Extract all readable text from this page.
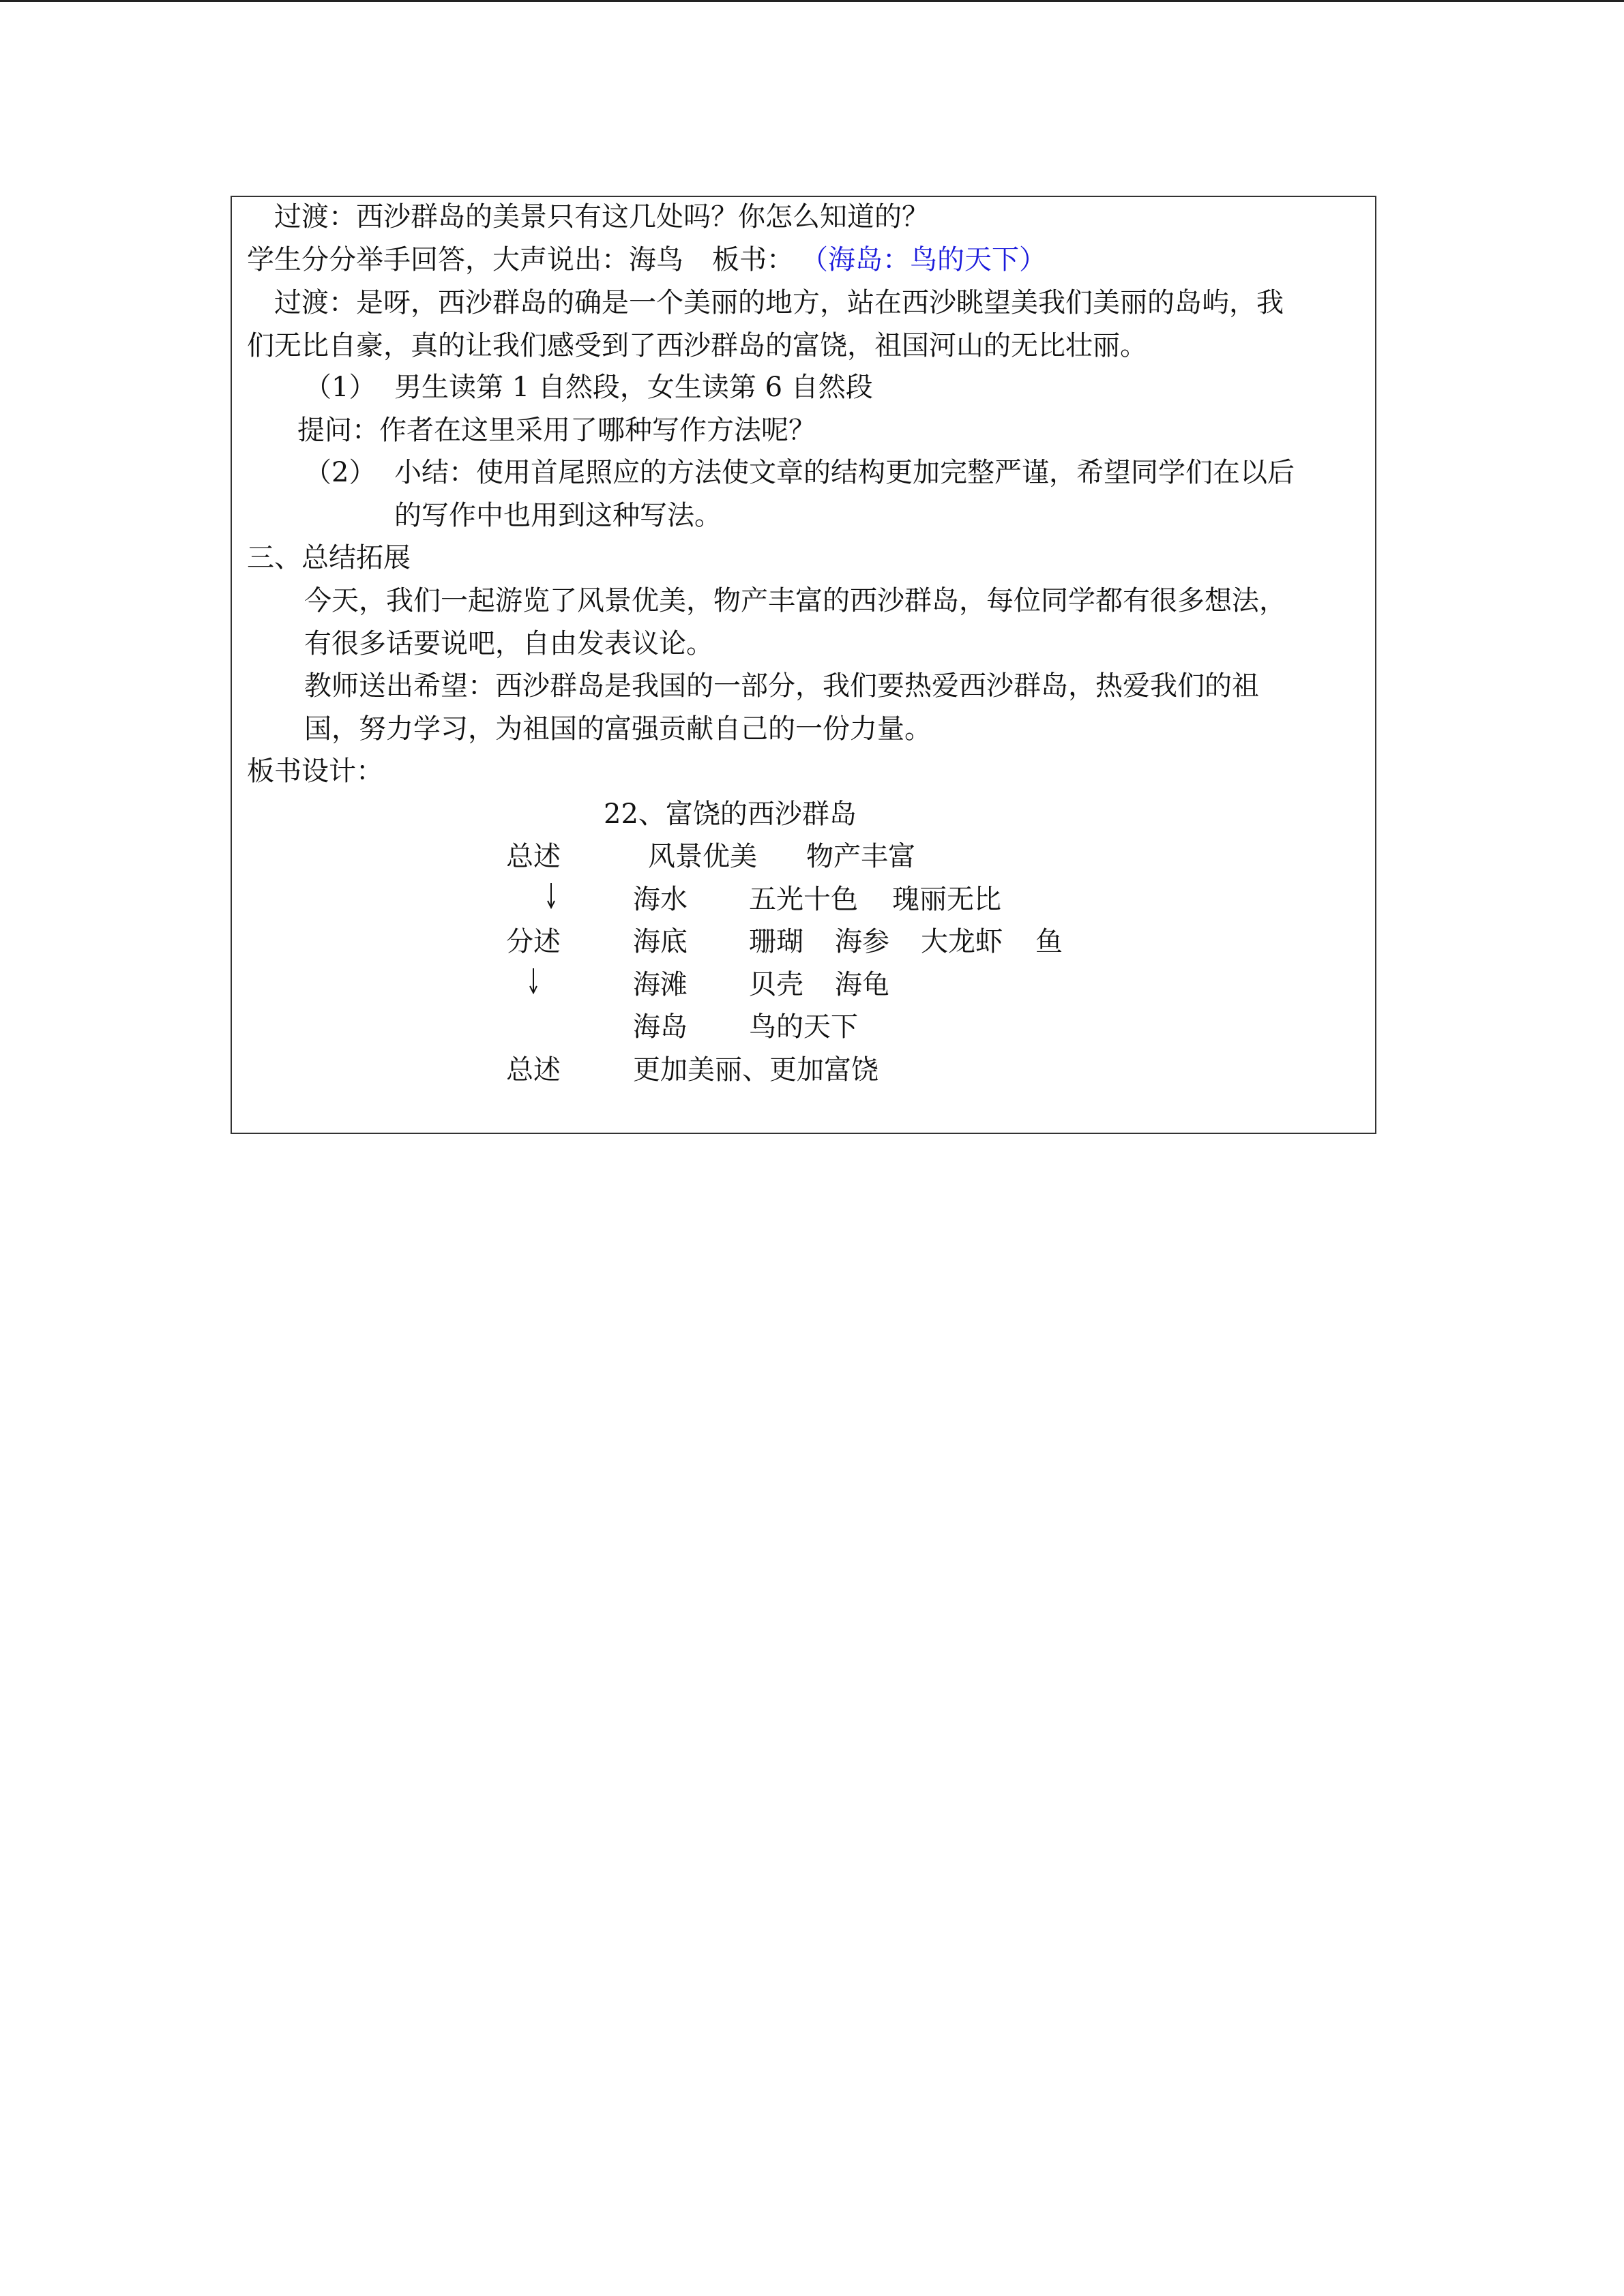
过渡：西沙群岛的美景只有这几处吗？你怎么知道的？
学生分分举手回答，大声说出：海鸟 板书： （海岛：鸟的天下）
过渡：是呀，西沙群岛的确是一个美丽的地方，站在西沙眺望美我们美丽的岛屿，我
们无比自豪，真的让我们感受到了西沙群岛的富饶，祖国河山的无比壮丽。
（1） 男生读第 1 自然段，女生读第 6 自然段
提问：作者在这里采用了哪种写作方法呢？
（2） 小结：使用首尾照应的方法使文章的结构更加完整严谨，希望同学们在以后
的写作中也用到这种写法。
三、总结拓展
今天，我们一起游览了风景优美，物产丰富的西沙群岛，每位同学都有很多想法，
有很多话要说吧，自由发表议论。
教师送出希望：西沙群岛是我国的一部分，我们要热爱西沙群岛，热爱我们的祖
国，努力学习，为祖国的富强贡献自己的一份力量。
板书设计：
22、富饶的西沙群岛
总述	风景优美 物产丰富
海水 五光十色 瑰丽无比
分述	海底 珊瑚 海参 大龙虾 鱼
海滩 贝壳 海龟
海岛 鸟的天下
总述	更加美丽、更加富饶
